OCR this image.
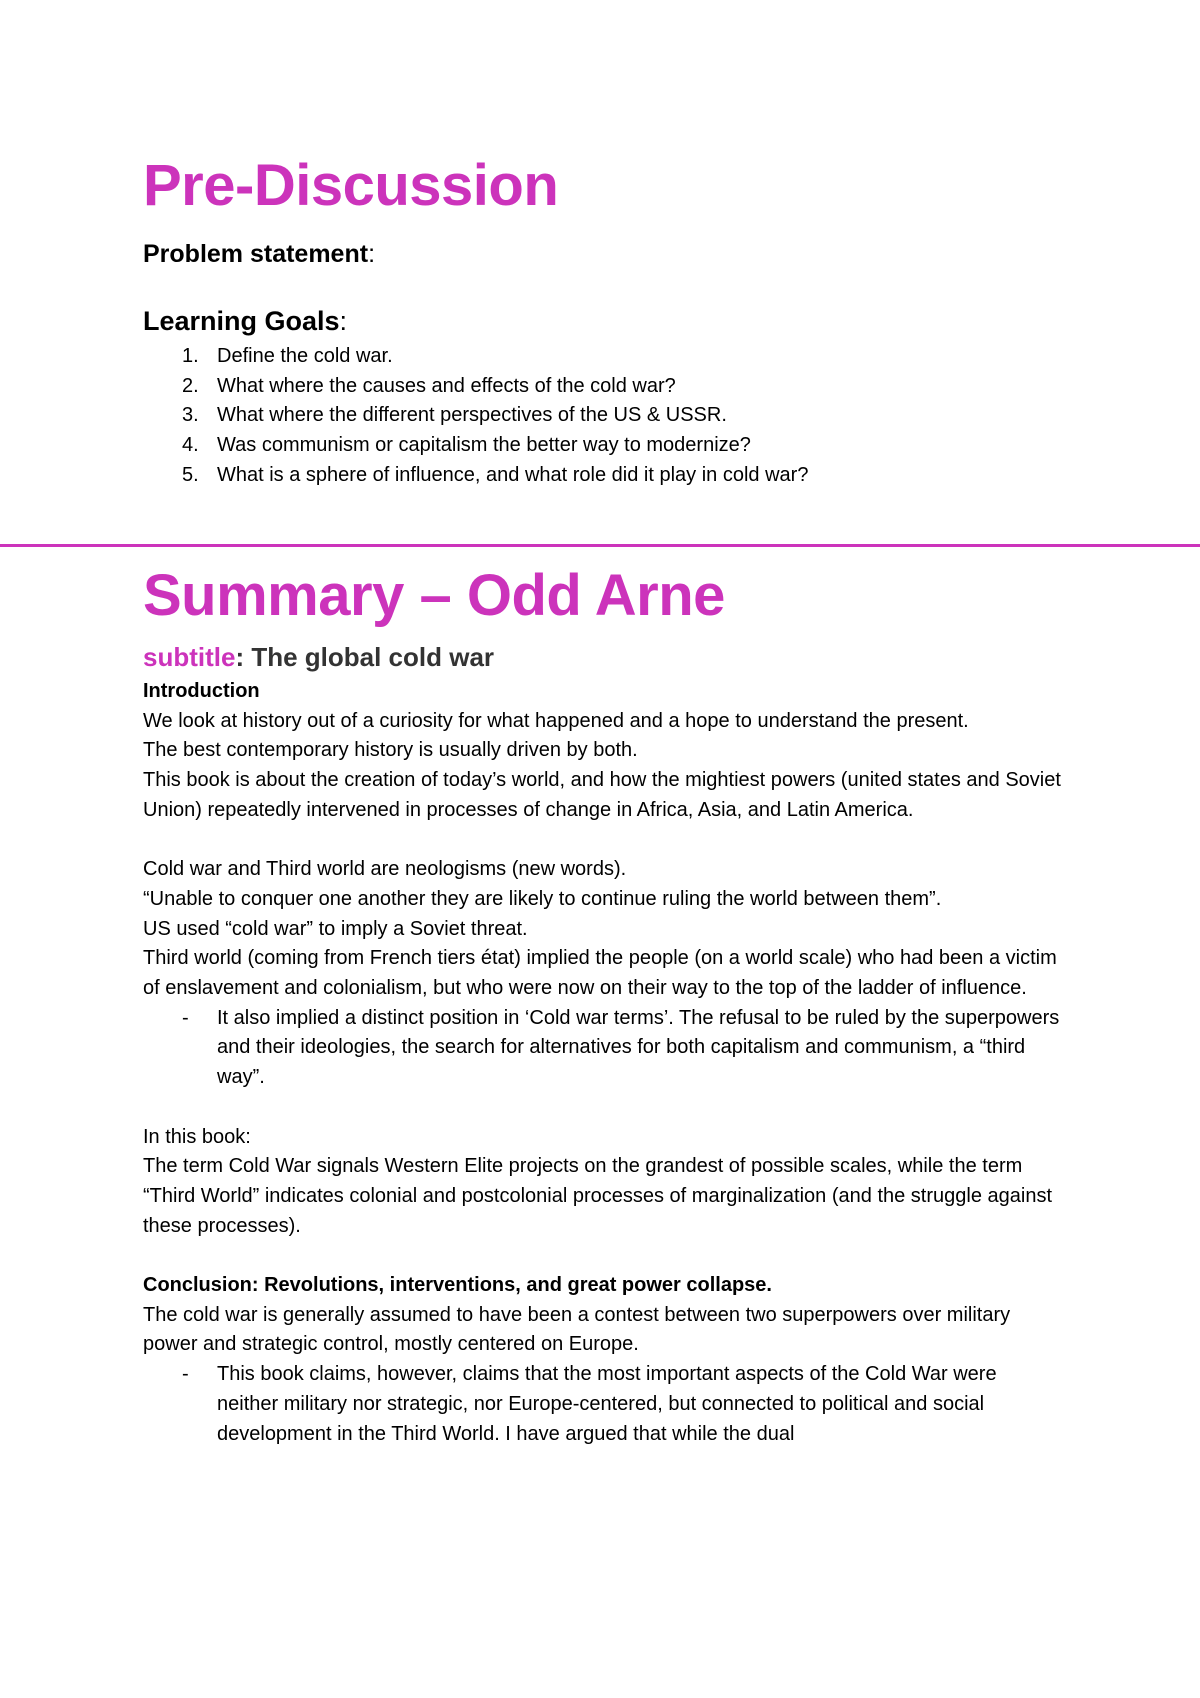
Pre-Discussion
Problem statement:
Learning Goals:
1. Define the cold war.
2. What where the causes and effects of the cold war?
3. What where the different perspectives of the US & USSR.
4. Was communism or capitalism the better way to modernize?
5. What is a sphere of influence, and what role did it play in cold war?
Summary – Odd Arne
subtitle: The global cold war

Introduction

We look at history out of a curiosity for what happened and a hope to understand the present.

The best contemporary history is usually driven by both.

This book is about the creation of today’s world, and how the mightiest powers (united states and Soviet Union) repeatedly intervened in processes of change in Africa, Asia, and Latin America.

Cold war and Third world are neologisms (new words).

“Unable to conquer one another they are likely to continue ruling the world between them”.

US used “cold war” to imply a Soviet threat.

Third world (coming from French tiers état) implied the people (on a world scale) who had been a victim of enslavement and colonialism, but who were now on their way to the top of the ladder of influence.

-	It also implied a distinct position in ‘Cold war terms’. The refusal to be ruled by the superpowers and their ideologies, the search for alternatives for both capitalism and communism, a “third way”.

In this book:

The term Cold War signals Western Elite projects on the grandest of possible scales, while the term “Third World” indicates colonial and postcolonial processes of marginalization (and the struggle against these processes).

Conclusion: Revolutions, interventions, and great power collapse.

The cold war is generally assumed to have been a contest between two superpowers over military power and strategic control, mostly centered on Europe.

-	This book claims, however, claims that the most important aspects of the Cold War were neither military nor strategic, nor Europe-centered, but connected to political and social development in the Third World. I have argued that while the dual
